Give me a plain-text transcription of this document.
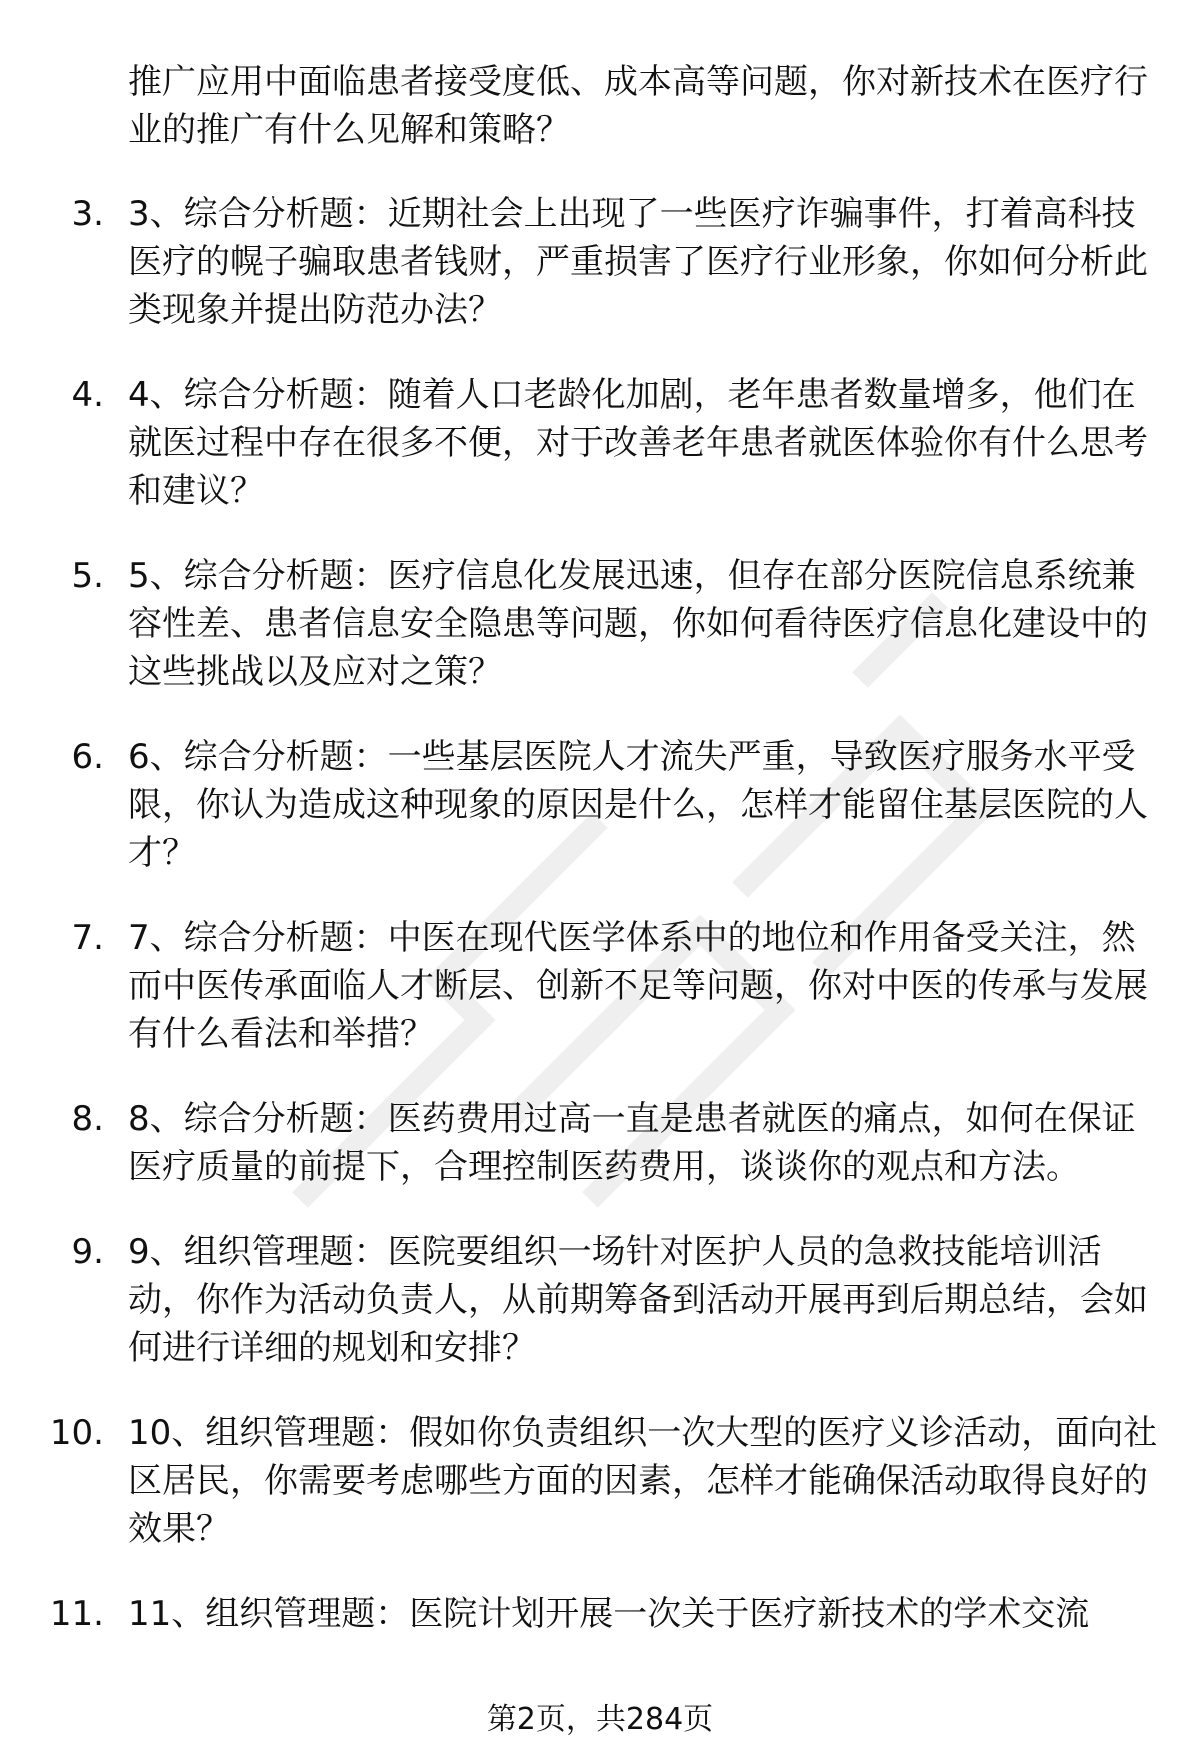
推广应用中面临患者接受度低、成本高等问题，你对新技术在医疗行业的推广有什么见解和策略？
3. 3、综合分析题：近期社会上出现了一些医疗诈骗事件，打着高科技医疗的幌子骗取患者钱财，严重损害了医疗行业形象，你如何分析此类现象并提出防范办法？
4. 4、综合分析题：随着人口老龄化加剧，老年患者数量增多，他们在就医过程中存在很多不便，对于改善老年患者就医体验你有什么思考和建议？
5. 5、综合分析题：医疗信息化发展迅速，但存在部分医院信息系统兼容性差、患者信息安全隐患等问题，你如何看待医疗信息化建设中的这些挑战以及应对之策？
6. 6、综合分析题：一些基层医院人才流失严重，导致医疗服务水平受限，你认为造成这种现象的原因是什么，怎样才能留住基层医院的人才？
7. 7、综合分析题：中医在现代医学体系中的地位和作用备受关注，然而中医传承面临人才断层、创新不足等问题，你对中医的传承与发展有什么看法和举措？
8. 8、综合分析题：医药费用过高一直是患者就医的痛点，如何在保证医疗质量的前提下，合理控制医药费用，谈谈你的观点和方法。
9. 9、组织管理题：医院要组织一场针对医护人员的急救技能培训活动，你作为活动负责人，从前期筹备到活动开展再到后期总结，会如何进行详细的规划和安排？
10. 10、组织管理题：假如你负责组织一次大型的医疗义诊活动，面向社区居民，你需要考虑哪些方面的因素，怎样才能确保活动取得良好的效果？
11. 11、组织管理题：医院计划开展一次关于医疗新技术的学术交流
第2页，共284页
